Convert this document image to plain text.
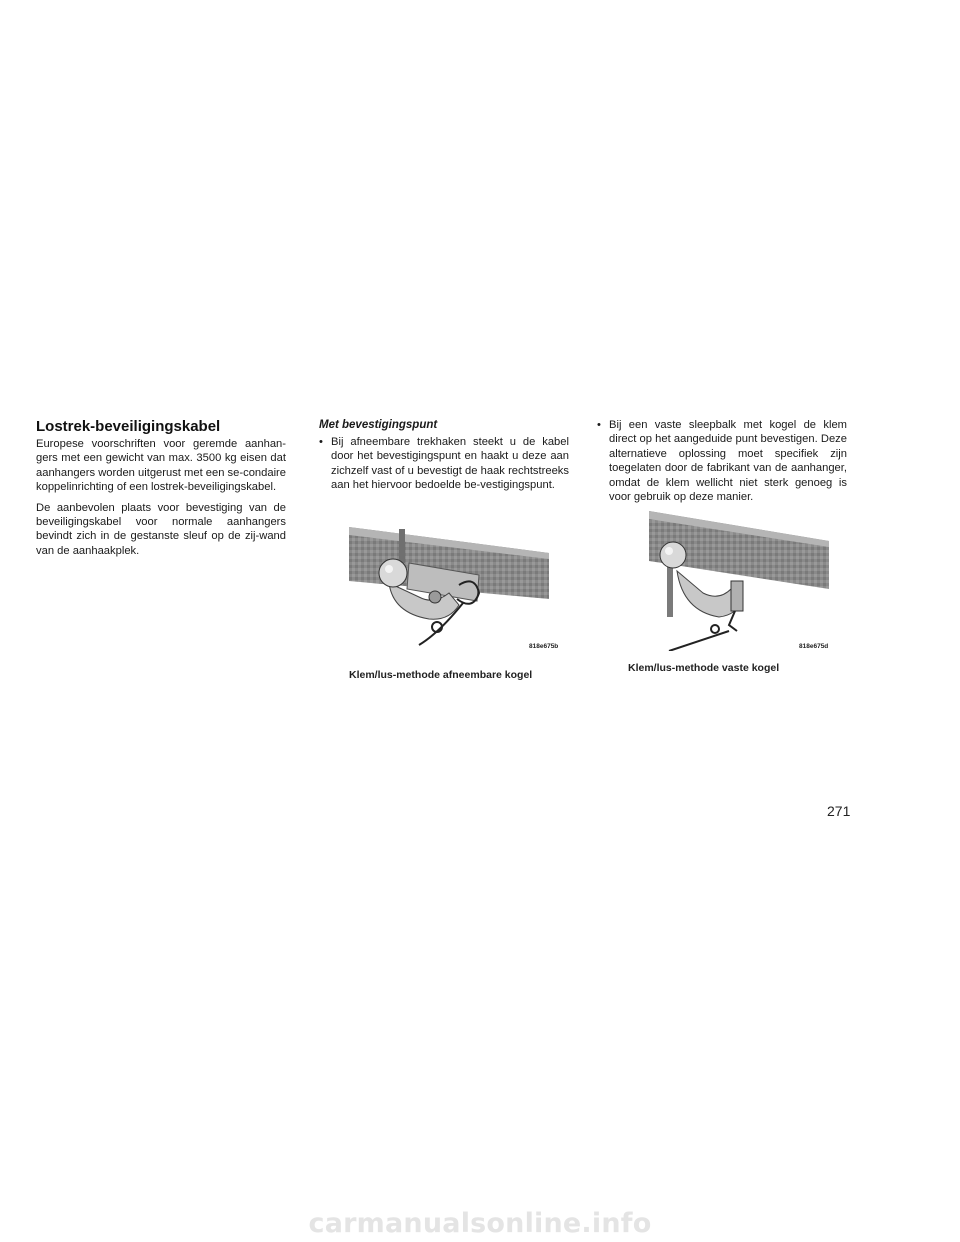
Lostrek-beveiligingskabel

Europese voorschriften voor geremde aanhan-gers met een gewicht van max. 3500 kg eisen dat aanhangers worden uitgerust met een se-condaire koppelinrichting of een lostrek-beveiligingskabel.

De aanbevolen plaats voor bevestiging van de beveiligingskabel voor normale aanhangers bevindt zich in de gestanste sleuf op de zij-wand van de aanhaakplek.

Met bevestigingspunt
• Bij afneembare trekhaken steekt u de kabel door het bevestigingspunt en haakt u deze aan zichzelf vast of u bevestigt de haak rechtstreeks aan het hiervoor bedoelde be-vestigingspunt.
• Bij een vaste sleepbalk met kogel de klem direct op het aangeduide punt bevestigen. Deze alternatieve oplossing moet specifiek zijn toegelaten door de fabrikant van de aanhanger, omdat de klem wellicht niet sterk genoeg is voor gebruik op deze manier.
818e675b
Klem/lus-methode afneembare kogel
818e675d
Klem/lus-methode vaste kogel
271
carmanualsonline.info
